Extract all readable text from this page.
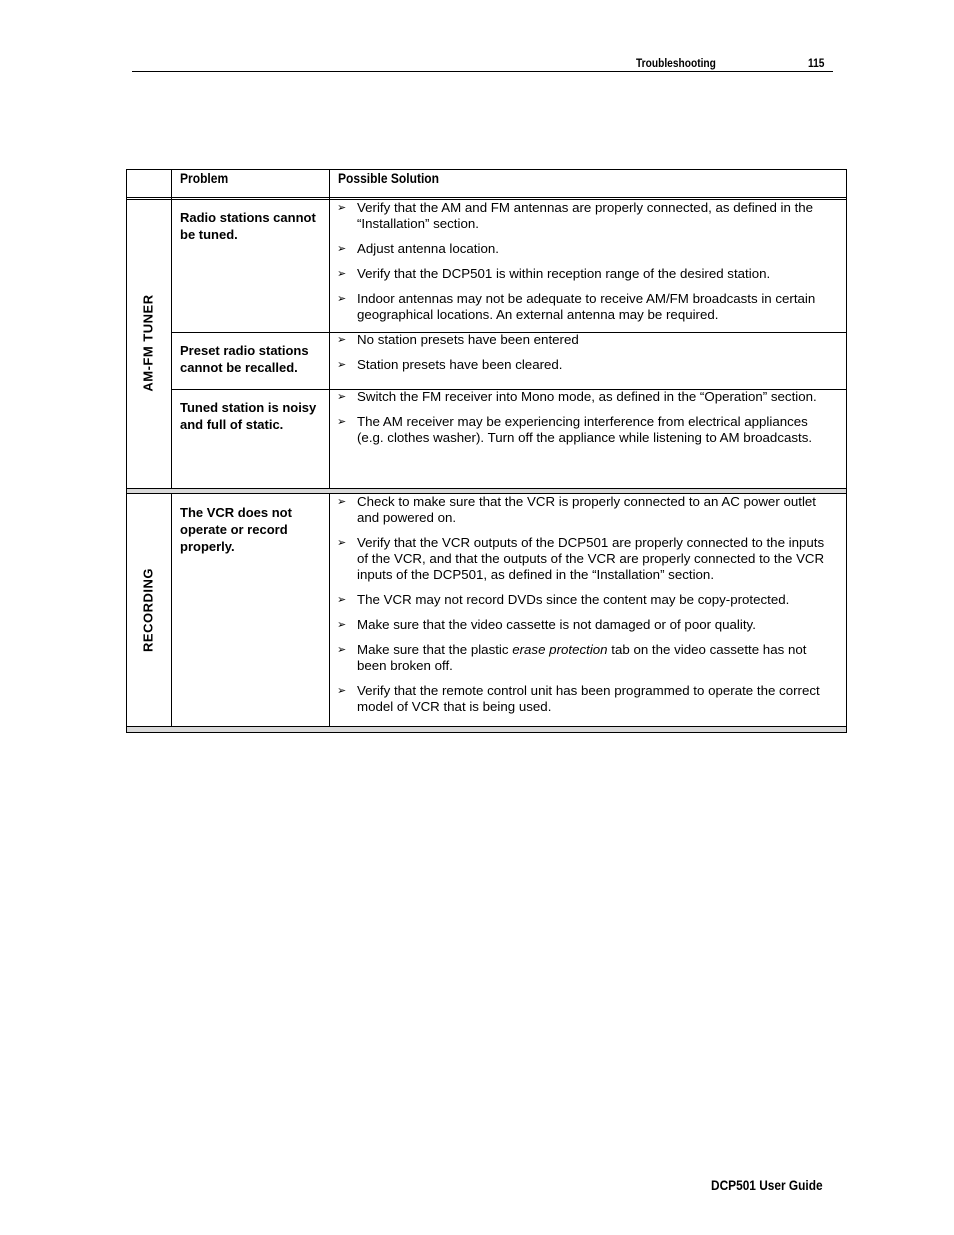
Troubleshooting	115
Problem	Possible Solution
AM-FM TUNER
RECORDING
Radio stations cannot be tuned.
➢ Verify that the AM and FM antennas are properly connected, as defined in the “Installation” section.
➢ Adjust antenna location.
➢ Verify that the DCP501 is within reception range of the desired station.
➢ Indoor antennas may not be adequate to receive AM/FM broadcasts in certain geographical locations. An external antenna may be required.
Preset radio stations cannot be recalled.
➢ No station presets have been entered
➢ Station presets have been cleared.
Tuned station is noisy and full of static.
➢ Switch the FM receiver into Mono mode, as defined in the “Operation” section.
➢ The AM receiver may be experiencing interference from electrical appliances (e.g. clothes washer). Turn off the appliance while listening to AM broadcasts.
The VCR does not operate or record properly.
➢ Check to make sure that the VCR is properly connected to an AC power outlet and powered on.
➢ Verify that the VCR outputs of the DCP501 are properly connected to the inputs of the VCR, and that the outputs of the VCR are properly connected to the VCR inputs of the DCP501, as defined in the “Installation” section.
➢ The VCR may not record DVDs since the content may be copy-protected.
➢ Make sure that the video cassette is not damaged or of poor quality.
➢ Make sure that the plastic erase protection tab on the video cassette has not been broken off.
➢ Verify that the remote control unit has been programmed to operate the correct model of VCR that is being used.
DCP501 User Guide
